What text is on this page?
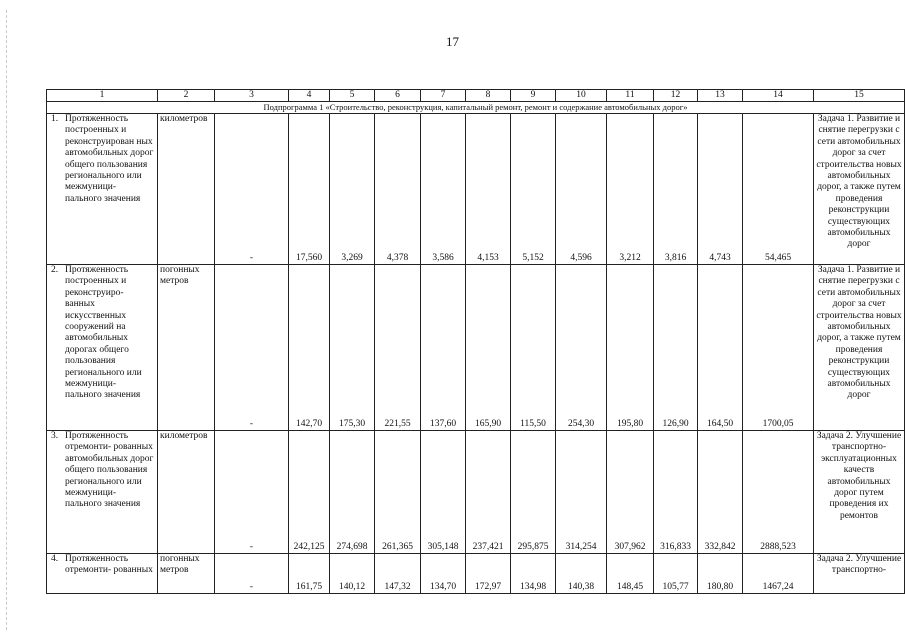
17
1	2	3	4	5	6	7	8	9	10	11	12	13	14	15
Подпрограмма 1 «Строительство, реконструкция, капитальный ремонт, ремонт и содержание автомобильных дорог»														

1. Протяженность построенных и реконструирован ных автомобильных дорог общего пользования регионального или межмуници- пального значения	километров	-	17,560	3,269	4,378	3,586	4,153	5,152	4,596	3,212	3,816	4,743	54,465	Задача 1. Развитие и снятие перегрузки с сети автомобильных дорог за счет строительства новых автомобильных дорог, а также путем проведения реконструкции существующих автомобильных дорог

2. Протяженность построенных и реконструиро- ванных искусственных сооружений на автомобильных дорогах общего пользования регионального или межмуници- пального значения	погонных метров	-	142,70	175,30	221,55	137,60	165,90	115,50	254,30	195,80	126,90	164,50	1700,05	Задача 1. Развитие и снятие перегрузки с сети автомобильных дорог за счет строительства новых автомобильных дорог, а также путем проведения реконструкции существующих автомобильных дорог

3. Протяженность отремонти- рованных автомобильных дорог общего пользования регионального или межмуници- пального значения	километров	-	242,125	274,698	261,365	305,148	237,421	295,875	314,254	307,962	316,833	332,842	2888,523	Задача 2. Улучшение транспортно- эксплуатационных качеств автомобильных дорог путем проведения их ремонтов

4. Протяженность отремонти- рованных	погонных метров	-	161,75	140,12	147,32	134,70	172,97	134,98	140,38	148,45	105,77	180,80	1467,24	Задача 2. Улучшение транспортно-
